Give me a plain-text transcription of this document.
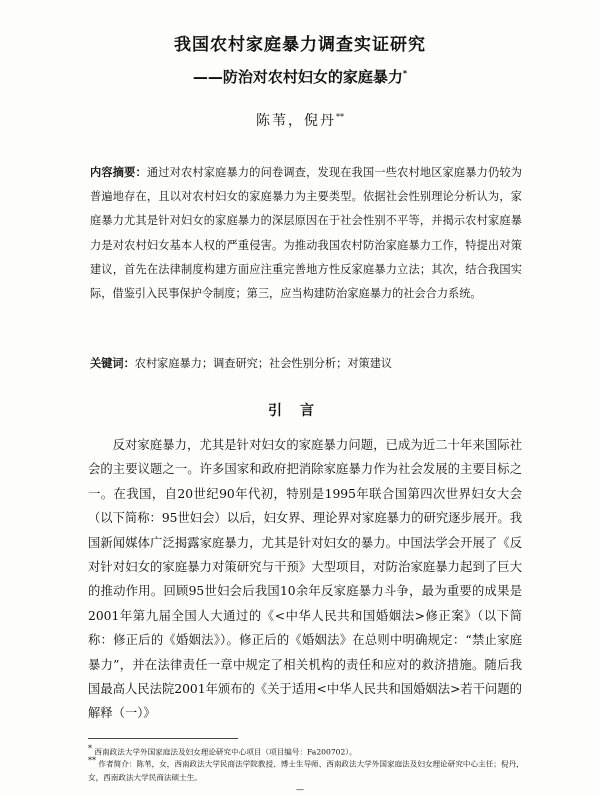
我国农村家庭暴力调查实证研究
——防治对农村妇女的家庭暴力*
陈苇，倪丹**
内容摘要：通过对农村家庭暴力的问卷调查，发现在我国一些农村地区家庭暴力仍较为普遍地存在，且以对农村妇女的家庭暴力为主要类型。依据社会性别理论分析认为，家庭暴力尤其是针对妇女的家庭暴力的深层原因在于社会性别不平等，并揭示农村家庭暴力是对农村妇女基本人权的严重侵害。为推动我国农村防治家庭暴力工作，特提出对策建议，首先在法律制度构建方面应注重完善地方性反家庭暴力立法；其次，结合我国实际，借鉴引入民事保护令制度；第三，应当构建防治家庭暴力的社会合力系统。
关键词：农村家庭暴力；调查研究；社会性别分析；对策建议
引言

反对家庭暴力，尤其是针对妇女的家庭暴力问题，已成为近二十年来国际社会的主要议题之一。许多国家和政府把消除家庭暴力作为社会发展的主要目标之一。在我国，自20世纪90年代初，特别是1995年联合国第四次世界妇女大会（以下简称：95世妇会）以后，妇女界、理论界对家庭暴力的研究逐步展开。我国新闻媒体广泛揭露家庭暴力，尤其是针对妇女的暴力。中国法学会开展了《反对针对妇女的家庭暴力对策研究与干预》大型项目，对防治家庭暴力起到了巨大的推动作用。回顾95世妇会后我国10余年反家庭暴力斗争，最为重要的成果是2001年第九届全国人大通过的《<中华人民共和国婚姻法>修正案》（以下简称：修正后的《婚姻法》）。修正后的《婚姻法》在总则中明确规定：“禁止家庭暴力”，并在法律责任一章中规定了相关机构的责任和应对的救济措施。随后我国最高人民法院2001年颁布的《关于适用<中华人民共和国婚姻法>若干问题的解释（一）》

* 西南政法大学外国家庭法及妇女理论研究中心项目（项目编号：Fa200702）。
** 作者简介：陈苇，女，西南政法大学民商法学院教授、博士生导师、西南政法大学外国家庭法及妇女理论研究中心主任；倪丹，女，西南政法大学民商法硕士生。
—
